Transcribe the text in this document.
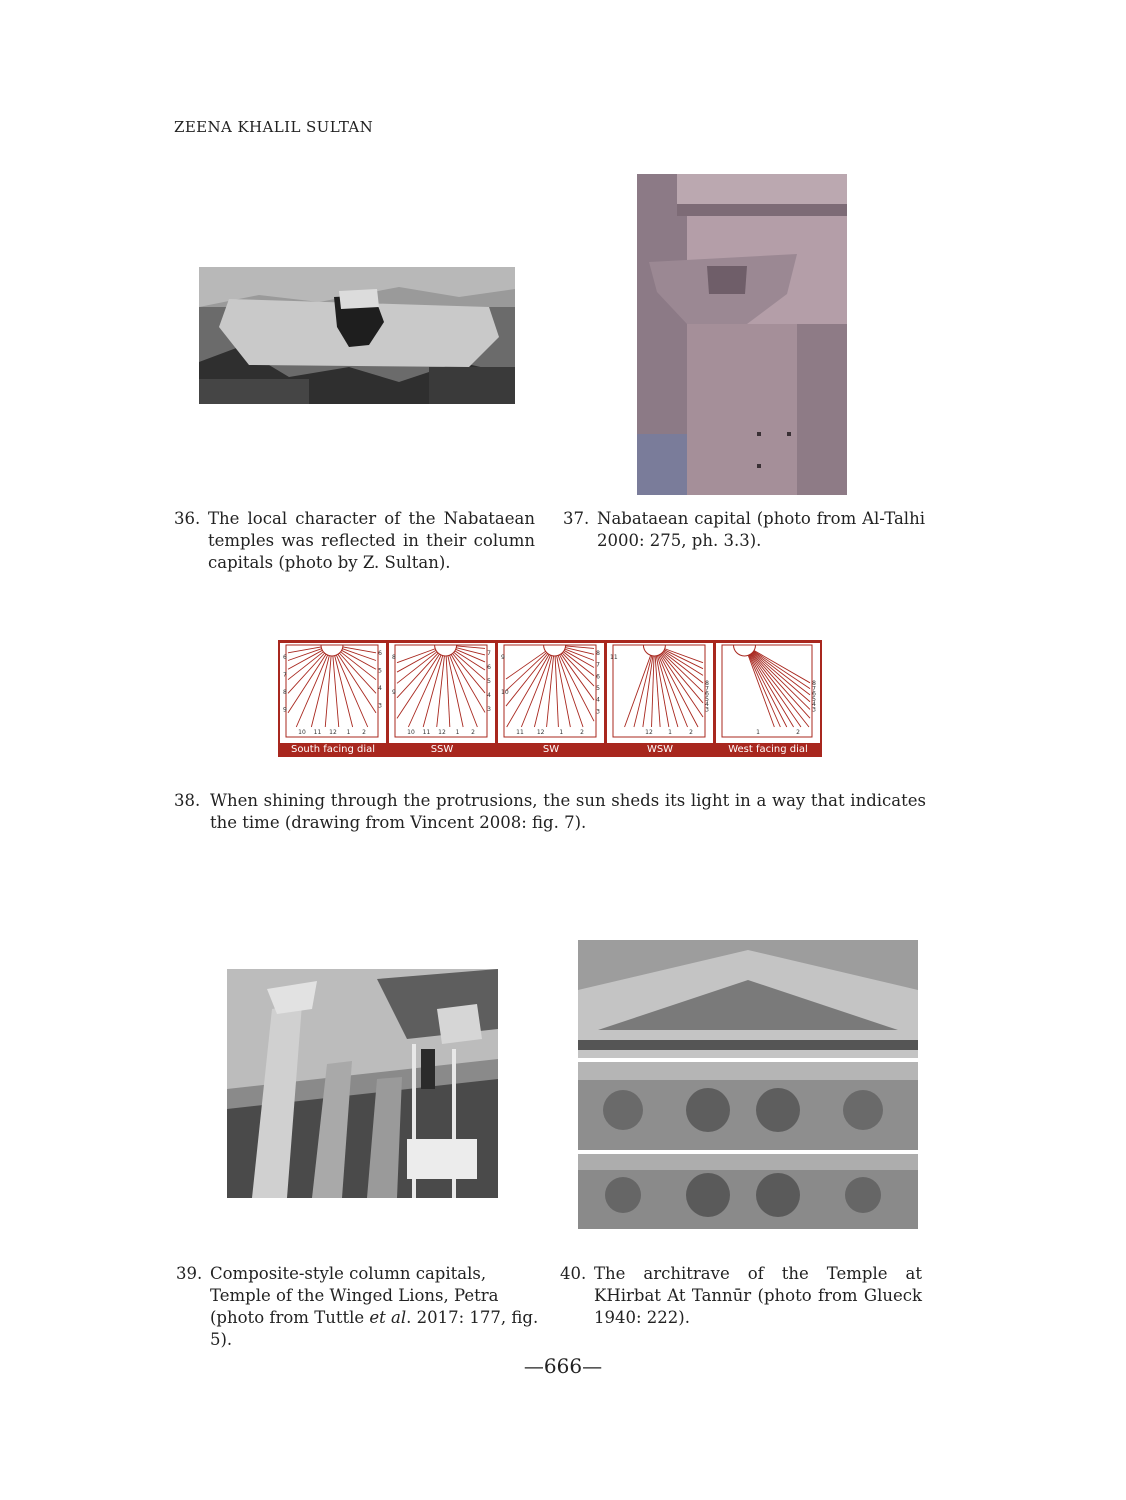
ZEENA KHALIL SULTAN
36. The local character of the Nabataean temples was reflected in their column capitals (photo by Z. Sultan).
37. Nabataean capital (photo from Al-Talhi 2000: 275, ph. 3.3).
10 11 12 1 2
6
7
8
9
6
5
4
3
10 11 12 1 2
8
9
7
6
5
4
3
11 12 1	2
9
10
8
7
6
5
4
3
12	1	2
11
8
7
6
5
4
3
1	2
8
7
6
5
4
3
South facing dial	SSW	SW	WSW	West facing dial
38. When shining through the protrusions, the sun sheds its light in a way that indicates the time (drawing from Vincent 2008: fig. 7).
39. Composite-style column capitals, Temple of the Winged Lions, Petra (photo from Tuttle et al. 2017: 177, fig. 5).
40. The architrave of the Temple at KHirbat At Tannūr (photo from Glueck 1940: 222).
—666—
